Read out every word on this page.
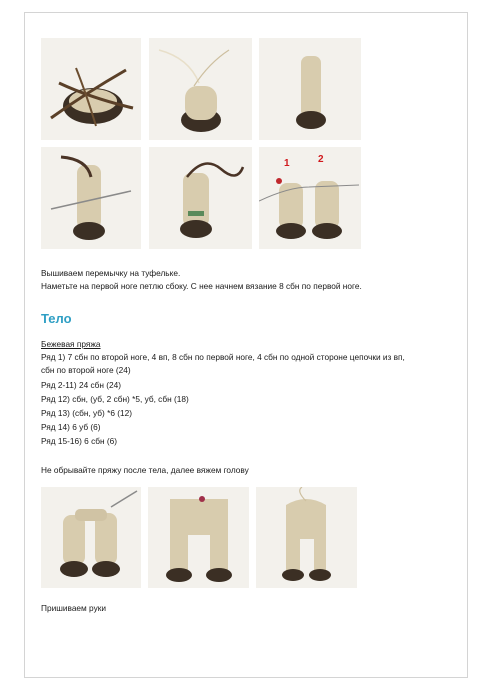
1	2
Вышиваем перемычку на туфельке.
Наметьте на первой ноге петлю сбоку. С нее начнем вязание 8 сбн по первой ноге.
Тело
Бежевая пряжа
Ряд 1) 7 сбн по второй ноге, 4 вп, 8 сбн по первой ноге, 4 сбн по одной стороне цепочки из вп,
сбн по второй ноге (24)
Ряд 2-11) 24 сбн (24)
Ряд 12) сбн, (уб, 2 сбн) *5, уб, сбн (18)
Ряд 13) (сбн, уб) *6 (12)
Ряд 14) 6 уб (6)
Ряд 15-16) 6 сбн (6)
Не обрывайте пряжу после тела, далее вяжем голову
Пришиваем руки
